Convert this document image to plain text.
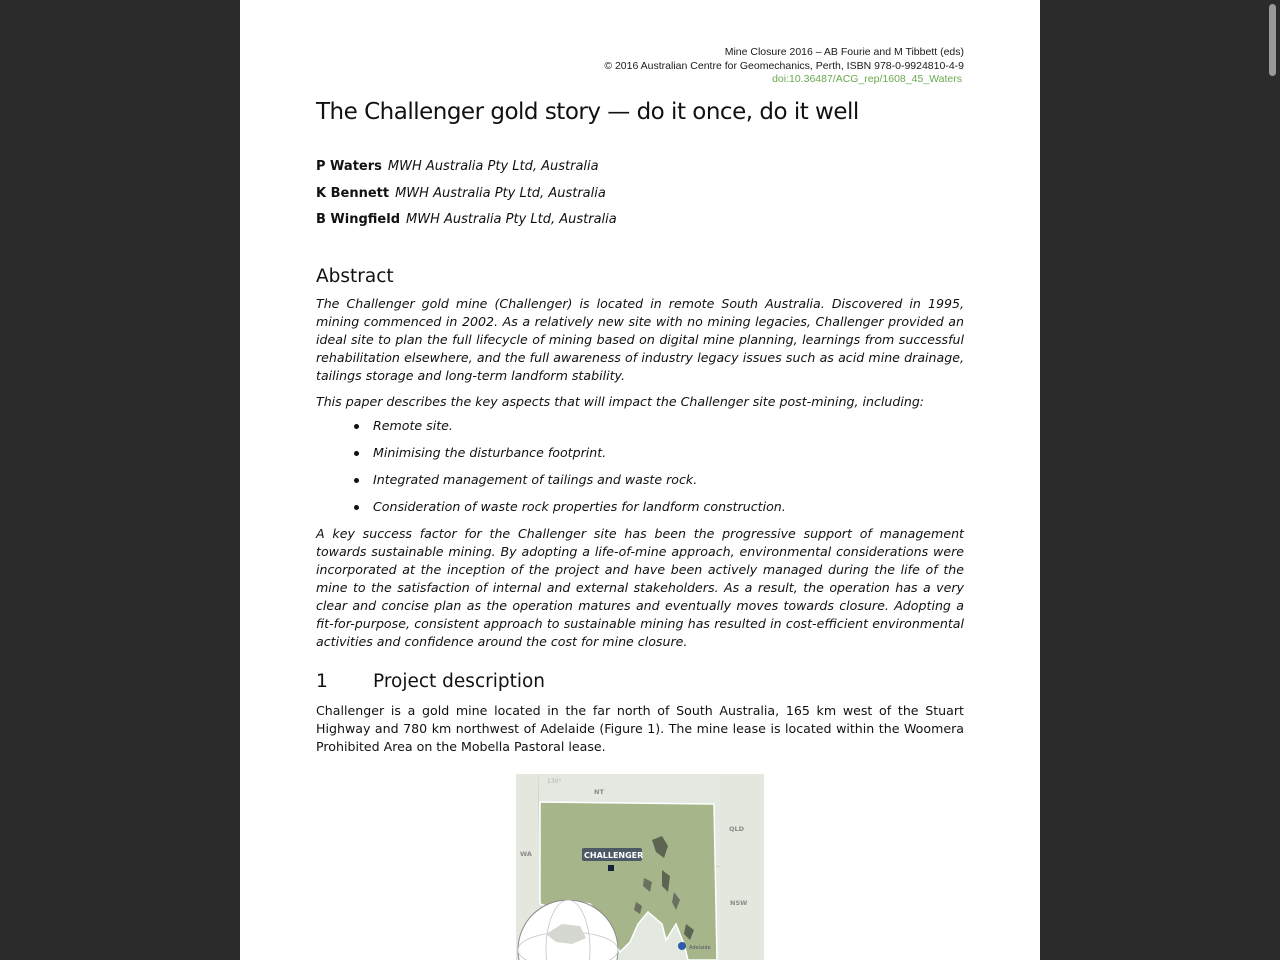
Mine Closure 2016 – AB Fourie and M Tibbett (eds)
© 2016 Australian Centre for Geomechanics, Perth, ISBN 978-0-9924810-4-9
doi:10.36487/ACG_rep/1608_45_Waters
The Challenger gold story — do it once, do it well
P Waters MWH Australia Pty Ltd, Australia
K Bennett MWH Australia Pty Ltd, Australia
B Wingfield MWH Australia Pty Ltd, Australia
Abstract

The Challenger gold mine (Challenger) is located in remote South Australia. Discovered in 1995, mining commenced in 2002. As a relatively new site with no mining legacies, Challenger provided an ideal site to plan the full lifecycle of mining based on digital mine planning, learnings from successful rehabilitation elsewhere, and the full awareness of industry legacy issues such as acid mine drainage, tailings storage and long-term landform stability.

This paper describes the key aspects that will impact the Challenger site post-mining, including:

Remote site.
Minimising the disturbance footprint.
Integrated management of tailings and waste rock.
Consideration of waste rock properties for landform construction.

A key success factor for the Challenger site has been the progressive support of management towards sustainable mining. By adopting a life-of-mine approach, environmental considerations were incorporated at the inception of the project and have been actively managed during the life of the mine to the satisfaction of internal and external stakeholders. As a result, the operation has a very clear and concise plan as the operation matures and eventually moves towards closure. Adopting a fit-for-purpose, consistent approach to sustainable mining has resulted in cost-efficient environmental activities and confidence around the cost for mine closure.

1	Project description

Challenger is a gold mine located in the far north of South Australia, 165 km west of the Stuart Highway and 780 km northwest of Adelaide (Figure 1). The mine lease is located within the Woomera Prohibited Area on the Mobella Pastoral lease.

130°
NT
QLD
WA
NSW
CHALLENGER
Adelaide
